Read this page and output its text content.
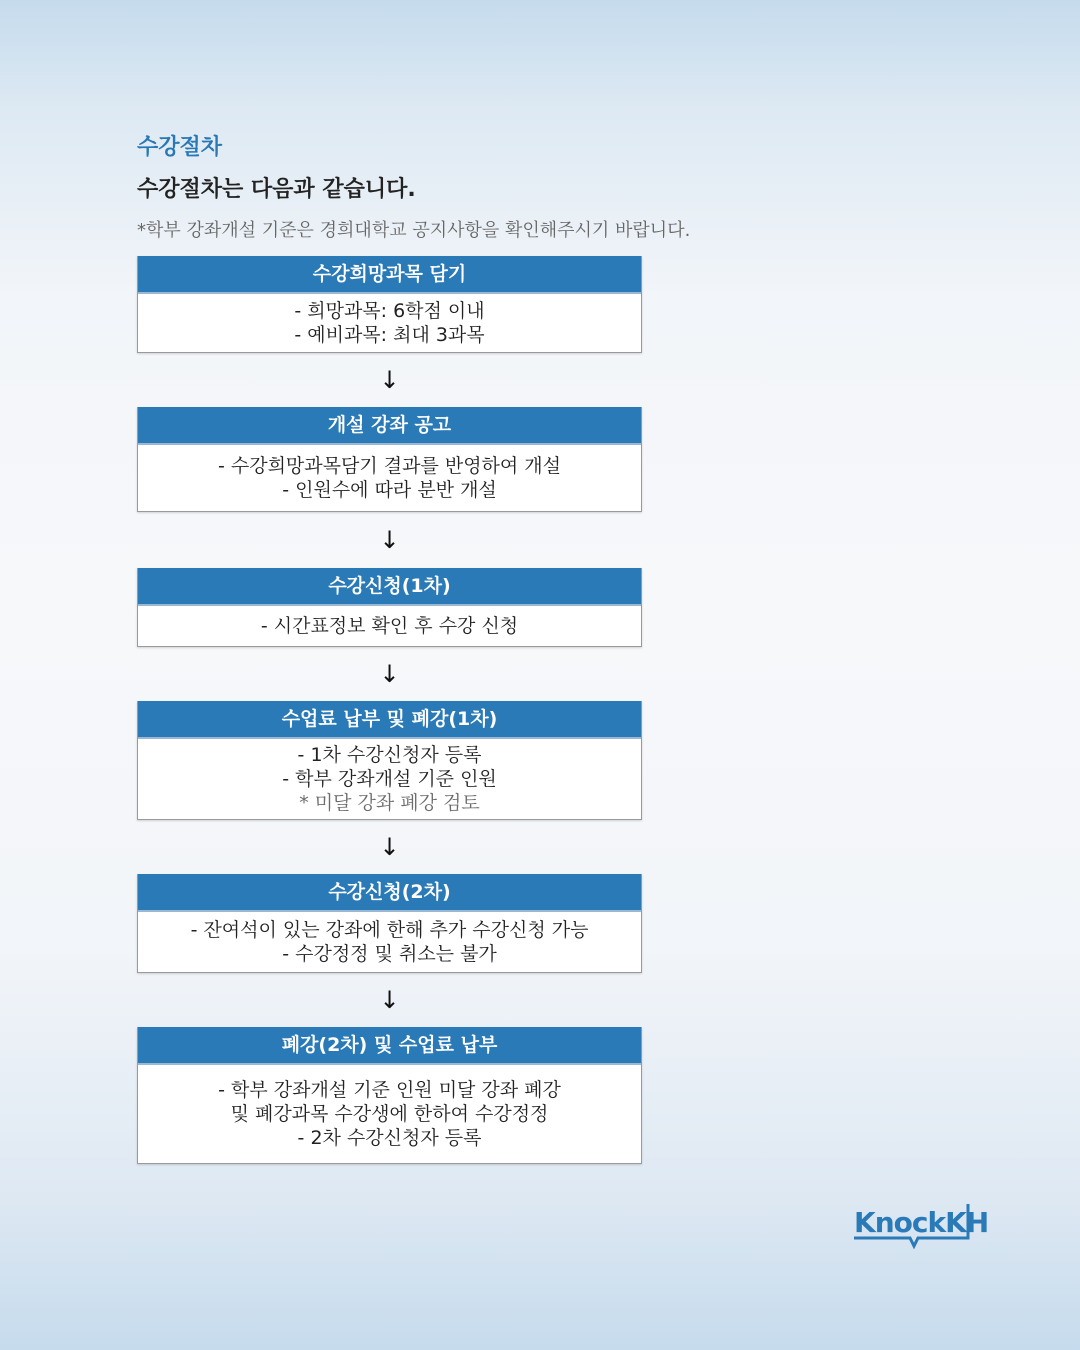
수강절차
수강절차는 다음과 같습니다.

*학부 강좌개설 기준은 경희대학교 공지사항을 확인해주시기 바랍니다.

수강희망과목 담기
- 희망과목: 6학점 이내
- 예비과목: 최대 3과목
↓
개설 강좌 공고
- 수강희망과목담기 결과를 반영하여 개설
- 인원수에 따라 분반 개설
↓
수강신청(1차)
- 시간표정보 확인 후 수강 신청
↓
수업료 납부 및 폐강(1차)
- 1차 수강신청자 등록
- 학부 강좌개설 기준 인원
* 미달 강좌 폐강 검토
↓
수강신청(2차)
- 잔여석이 있는 강좌에 한해 추가 수강신청 가능
- 수강정정 및 취소는 불가
↓
폐강(2차) 및 수업료 납부
- 학부 강좌개설 기준 인원 미달 강좌 폐강
및 폐강과목 수강생에 한하여 수강정정
- 2차 수강신청자 등록
KnockKH
